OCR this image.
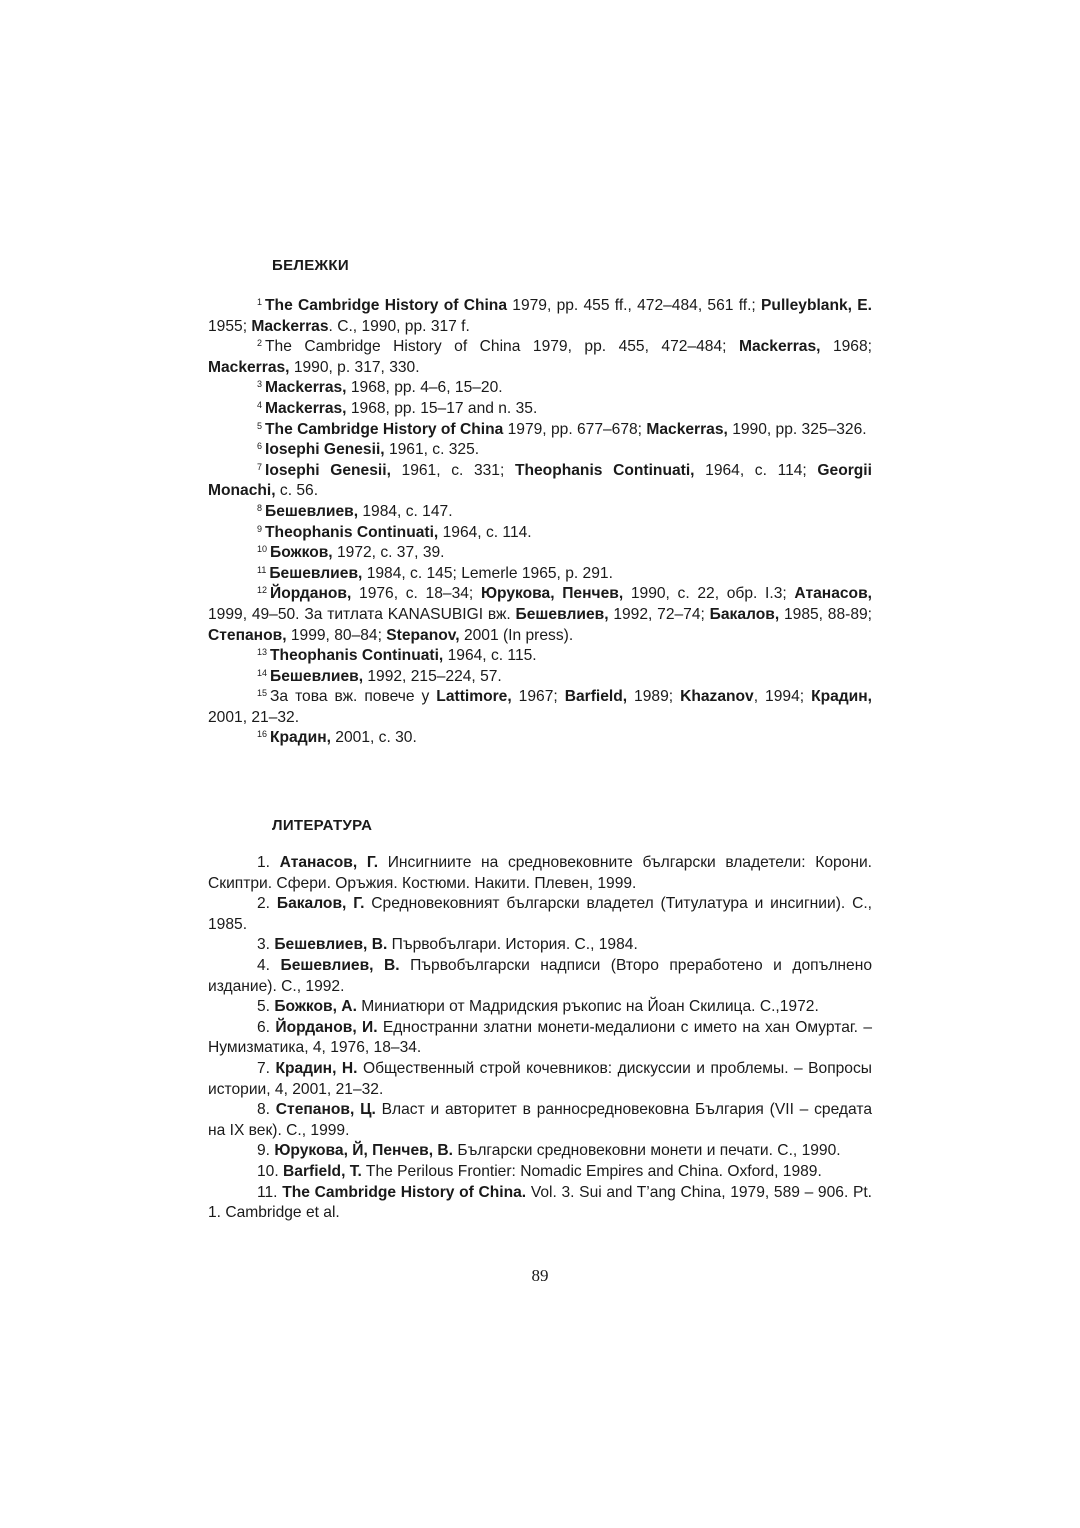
БЕЛЕЖКИ

$^1$ The Cambridge History of China 1979, pp. 455 ff., 472–484, 561 ff.; Pulleyblank, E. 1955; Mackerras. C., 1990, pp. 317 f.

$^2$ The Cambridge History of China 1979, pp. 455, 472–484; Mackerras, 1968; Mackerras, 1990, p. 317, 330.

$^3$ Mackerras, 1968, pp. 4–6, 15–20.

$^4$ Mackerras, 1968, pp. 15–17 and n. 35.

$^5$ The Cambridge History of China 1979, pp. 677–678; Mackerras, 1990, pp. 325–326.

$^6$ Iosephi Genesii, 1961, с. 325.

$^7$ Iosephi Genesii, 1961, с. 331; Theophanis Continuati, 1964, с. 114; Georgii Monachi, с. 56.

$^8$ Бешевлиев, 1984, с. 147.

$^9$ Theophanis Continuati, 1964, с. 114.

$^{10}$ Божков, 1972, с. 37, 39.

$^{11}$ Бешевлиев, 1984, с. 145; Lemerle 1965, p. 291.

$^{12}$ Йорданов, 1976, с. 18–34; Юрукова, Пенчев, 1990, с. 22, обр. I.3; Атанасов, 1999, 49–50. За титлата KANASUBIGI вж. Бешевлиев, 1992, 72–74; Бакалов, 1985, 88-89; Степанов, 1999, 80–84; Stepanov, 2001 (In press).

$^{13}$ Theophanis Continuati, 1964, с. 115.

$^{14}$ Бешевлиев, 1992, 215–224, 57.

$^{15}$ За това вж. повече у Lattimore, 1967; Barfield, 1989; Khazanov, 1994; Крадин, 2001, 21–32.

$^{16}$ Крадин, 2001, с. 30.

ЛИТЕРАТУРА

1. Атанасов, Г. Инсигниите на средновековните български владетели: Корони. Скиптри. Сфери. Оръжия. Костюми. Накити. Плевен, 1999.

2. Бакалов, Г. Средновековният български владетел (Титулатура и инсигнии). С., 1985.

3. Бешевлиев, В. Първобългари. История. С., 1984.

4. Бешевлиев, В. Първобългарски надписи (Второ преработено и допълнено издание). С., 1992.

5. Божков, А. Миниатюри от Мадридския ръкопис на Йоан Скилица. С.,1972.

6. Йорданов, И. Едностранни златни монети-медалиони с името на хан Омуртаг. – Нумизматика, 4, 1976, 18–34.

7. Крадин, Н. Общественный строй кочевников: дискуссии и проблемы. – Вопросы истории, 4, 2001, 21–32.

8. Степанов, Ц. Власт и авторитет в ранносредновековна България (VII – средата на IX век). С., 1999.

9. Юрукова, Й, Пенчев, В. Български средновековни монети и печати. С., 1990.

10. Barfield, T. The Perilous Frontier: Nomadic Empires and China. Oxford, 1989.

11. The Cambridge History of China. Vol. 3. Sui and T’ang China, 1979, 589 – 906. Pt. 1. Cambridge et al.

89
